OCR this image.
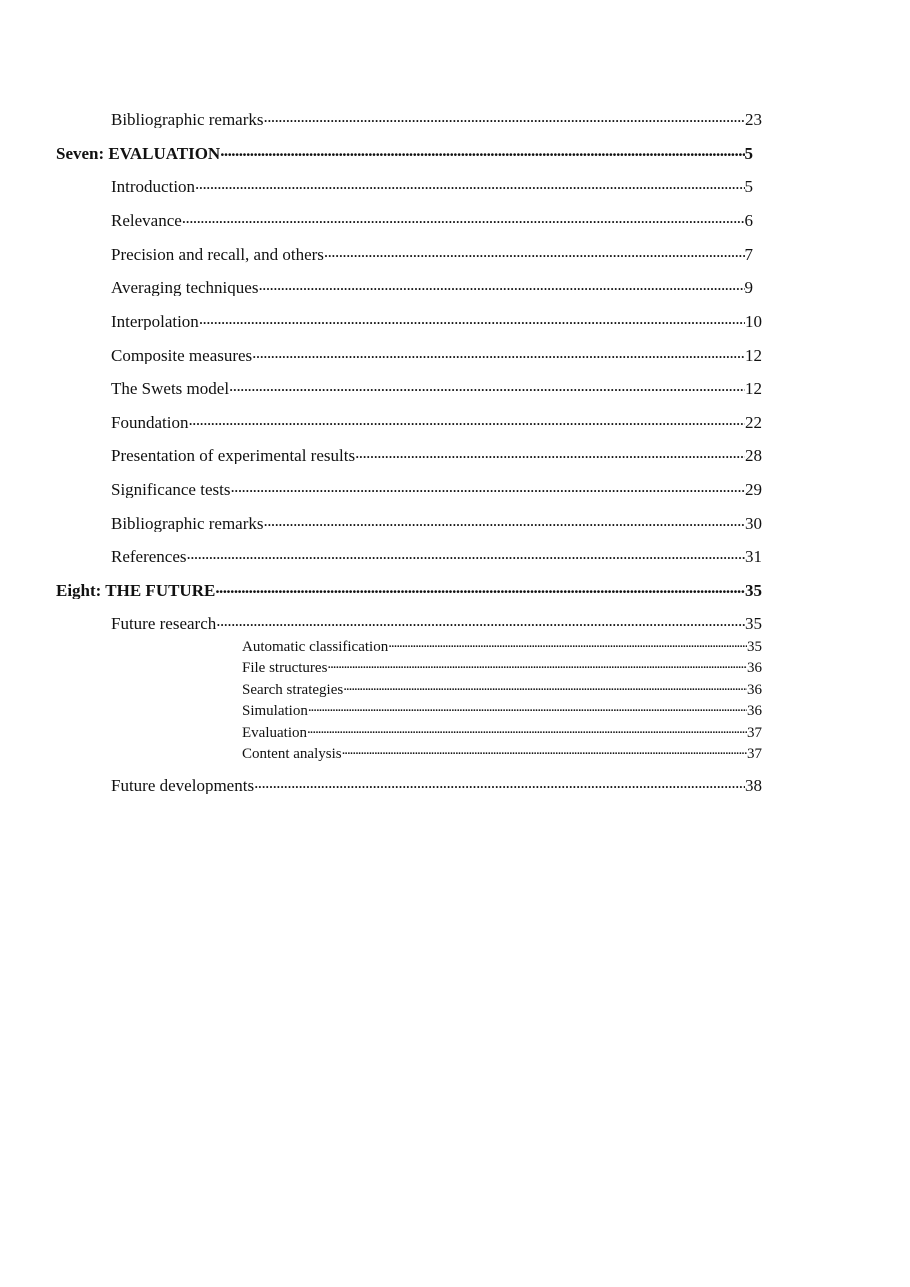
Bibliographic remarks . . .	23
Seven: EVALUATION . . .	5
Introduction . . .	5
Relevance . . .	6
Precision and recall, and others . . .	7
Averaging techniques . . .	9
Interpolation . . .	10
Composite measures . . .	12
The Swets model . . .	12
Foundation . . .	22
Presentation of experimental results . . .	28
Significance tests . . .	29
Bibliographic remarks . . .	30
References . . .	31
Eight: THE FUTURE . . .	35
Future research . . .	35
Automatic classification . . .	35
File structures . . .	36
Search strategies . . .	36
Simulation . . .	36
Evaluation . . .	37
Content analysis . . .	37
Future developments . . .	38
